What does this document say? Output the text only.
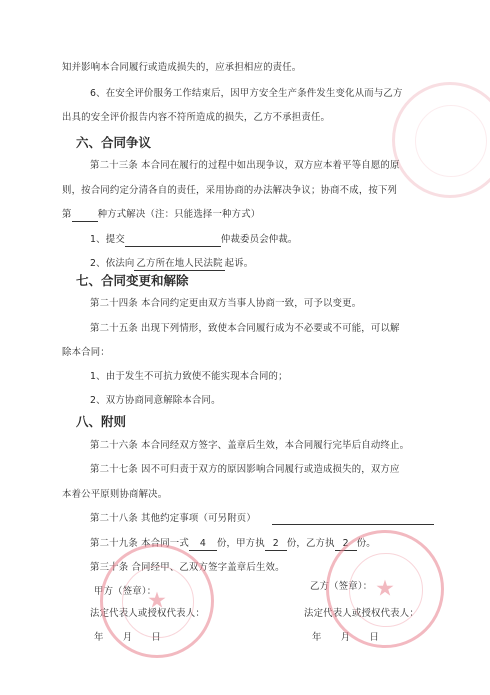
知并影响本合同履行或造成损失的，应承担相应的责任。
6、在安全评价服务工作结束后，因甲方安全生产条件发生变化从而与乙方
出具的安全评价报告内容不符所造成的损失，乙方不承担责任。
六、合同争议
第二十三条 本合同在履行的过程中如出现争议，双方应本着平等自愿的原
则，按合同约定分清各自的责任，采用协商的办法解决争议；协商不成，按下列
第	种方式解决（注：只能选择一种方式）
1、提交	仲裁委员会仲裁。
2、依法向 乙方所在地人民法院 起诉。
七、合同变更和解除
第二十四条 本合同约定更由双方当事人协商一致，可予以变更。
第二十五条 出现下列情形，致使本合同履行成为不必要或不可能，可以解
除本合同：
1、由于发生不可抗力致使不能实现本合同的；
2、双方协商同意解除本合同。
八、附则
第二十六条 本合同经双方签字、盖章后生效，本合同履行完毕后自动终止。
第二十七条 因不可归责于双方的原因影响合同履行或造成损失的，双方应
本着公平原则协商解决。
第二十八条 其他约定事项（可另附页）
第二十九条 本合同一式 4 份，甲方执 2 份，乙方执 2 份。
第三十条 合同经甲、乙双方签字盖章后生效。
甲方（签章）：	乙方（签章）：
法定代表人或授权代表人：	法定代表人或授权代表人：
年　　月　　日	年　　月　　日
★	★
